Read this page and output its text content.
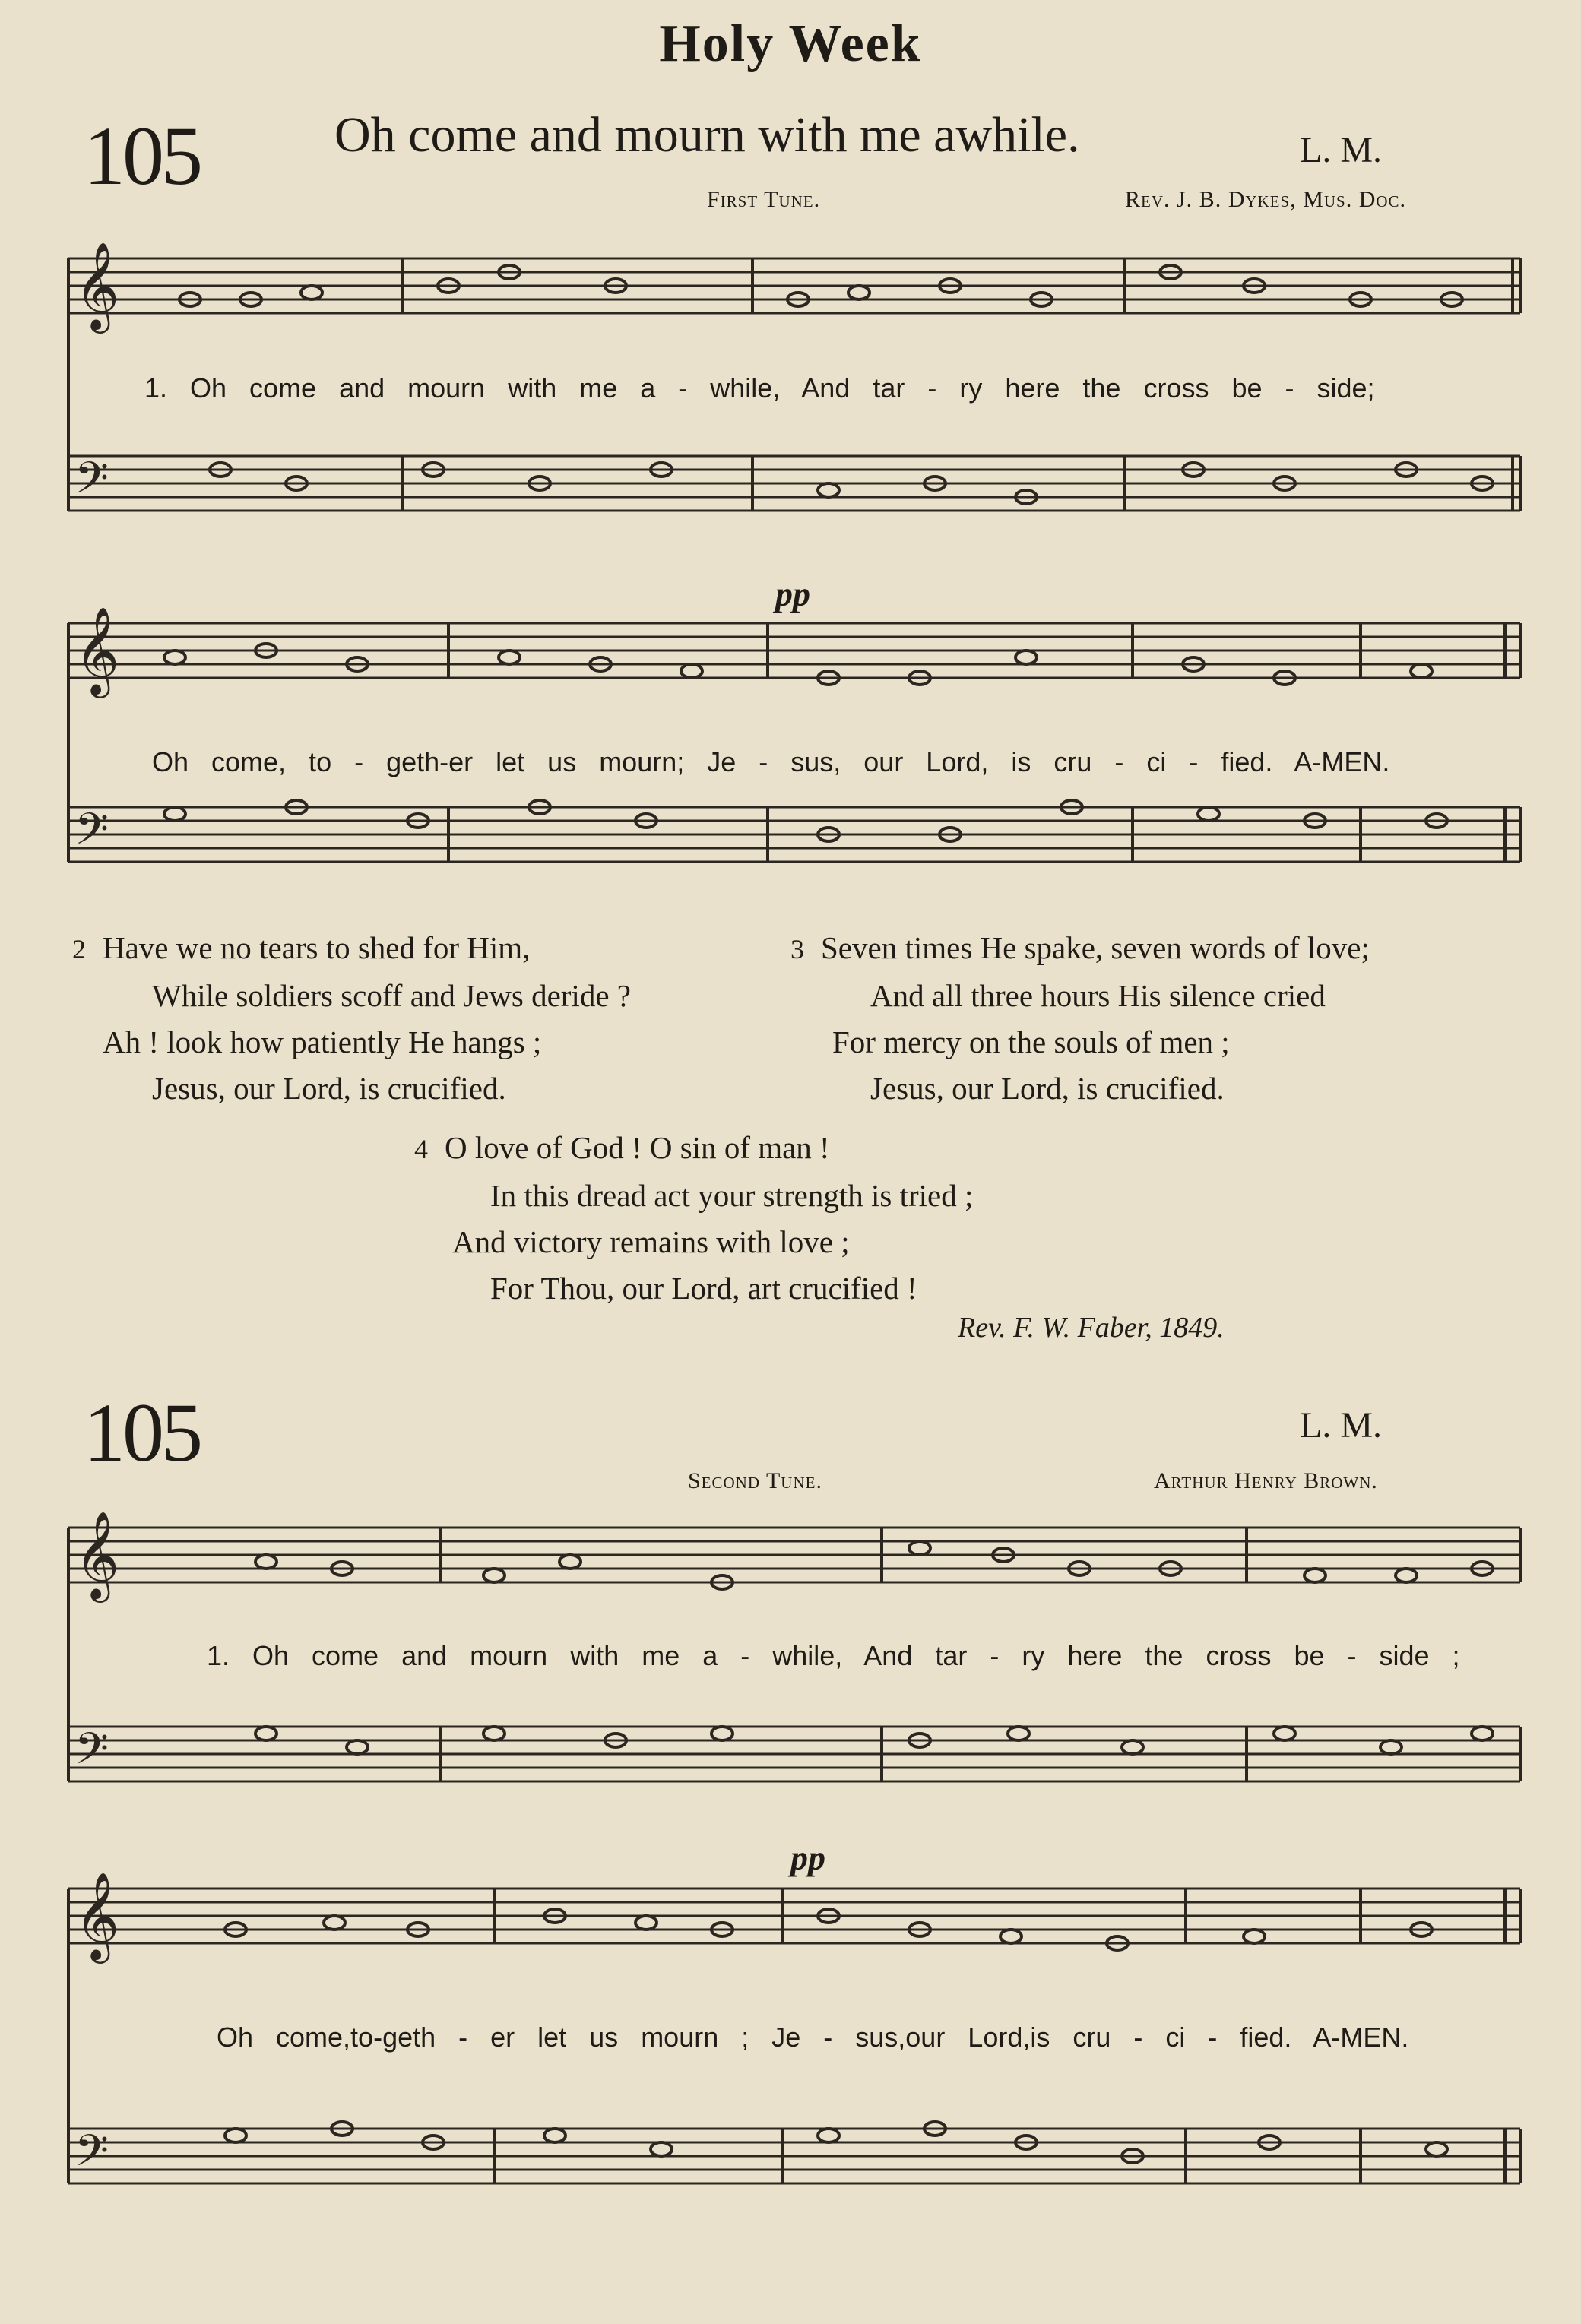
Holy Week
105	Oh come and mourn with me awhile.	L. M.
First Tune.	Rev. J. B. Dykes, Mus. Doc.
𝄞
𝄢
1. Oh come and mourn with me a - while, And tar - ry here the cross be - side;
pp
𝄞
𝄢
Oh come, to - geth-er let us mourn; Je - sus, our Lord, is cru - ci - fied. A-MEN.
2 Have we no tears to shed for Him,
While soldiers scoff and Jews deride ?
Ah ! look how patiently He hangs ;
Jesus, our Lord, is crucified.
3 Seven times He spake, seven words of love;
And all three hours His silence cried
For mercy on the souls of men ;
Jesus, our Lord, is crucified.
4 O love of God ! O sin of man !
In this dread act your strength is tried ;
And victory remains with love ;
For Thou, our Lord, art crucified !
Rev. F. W. Faber, 1849.
105	L. M.
Second Tune.	Arthur Henry Brown.
𝄞
𝄢
1. Oh come and mourn with me a - while, And tar - ry here the cross be - side ;
pp
𝄞
𝄢
Oh come,to-geth - er let us mourn ; Je - sus,our Lord,is cru - ci - fied. A-MEN.
